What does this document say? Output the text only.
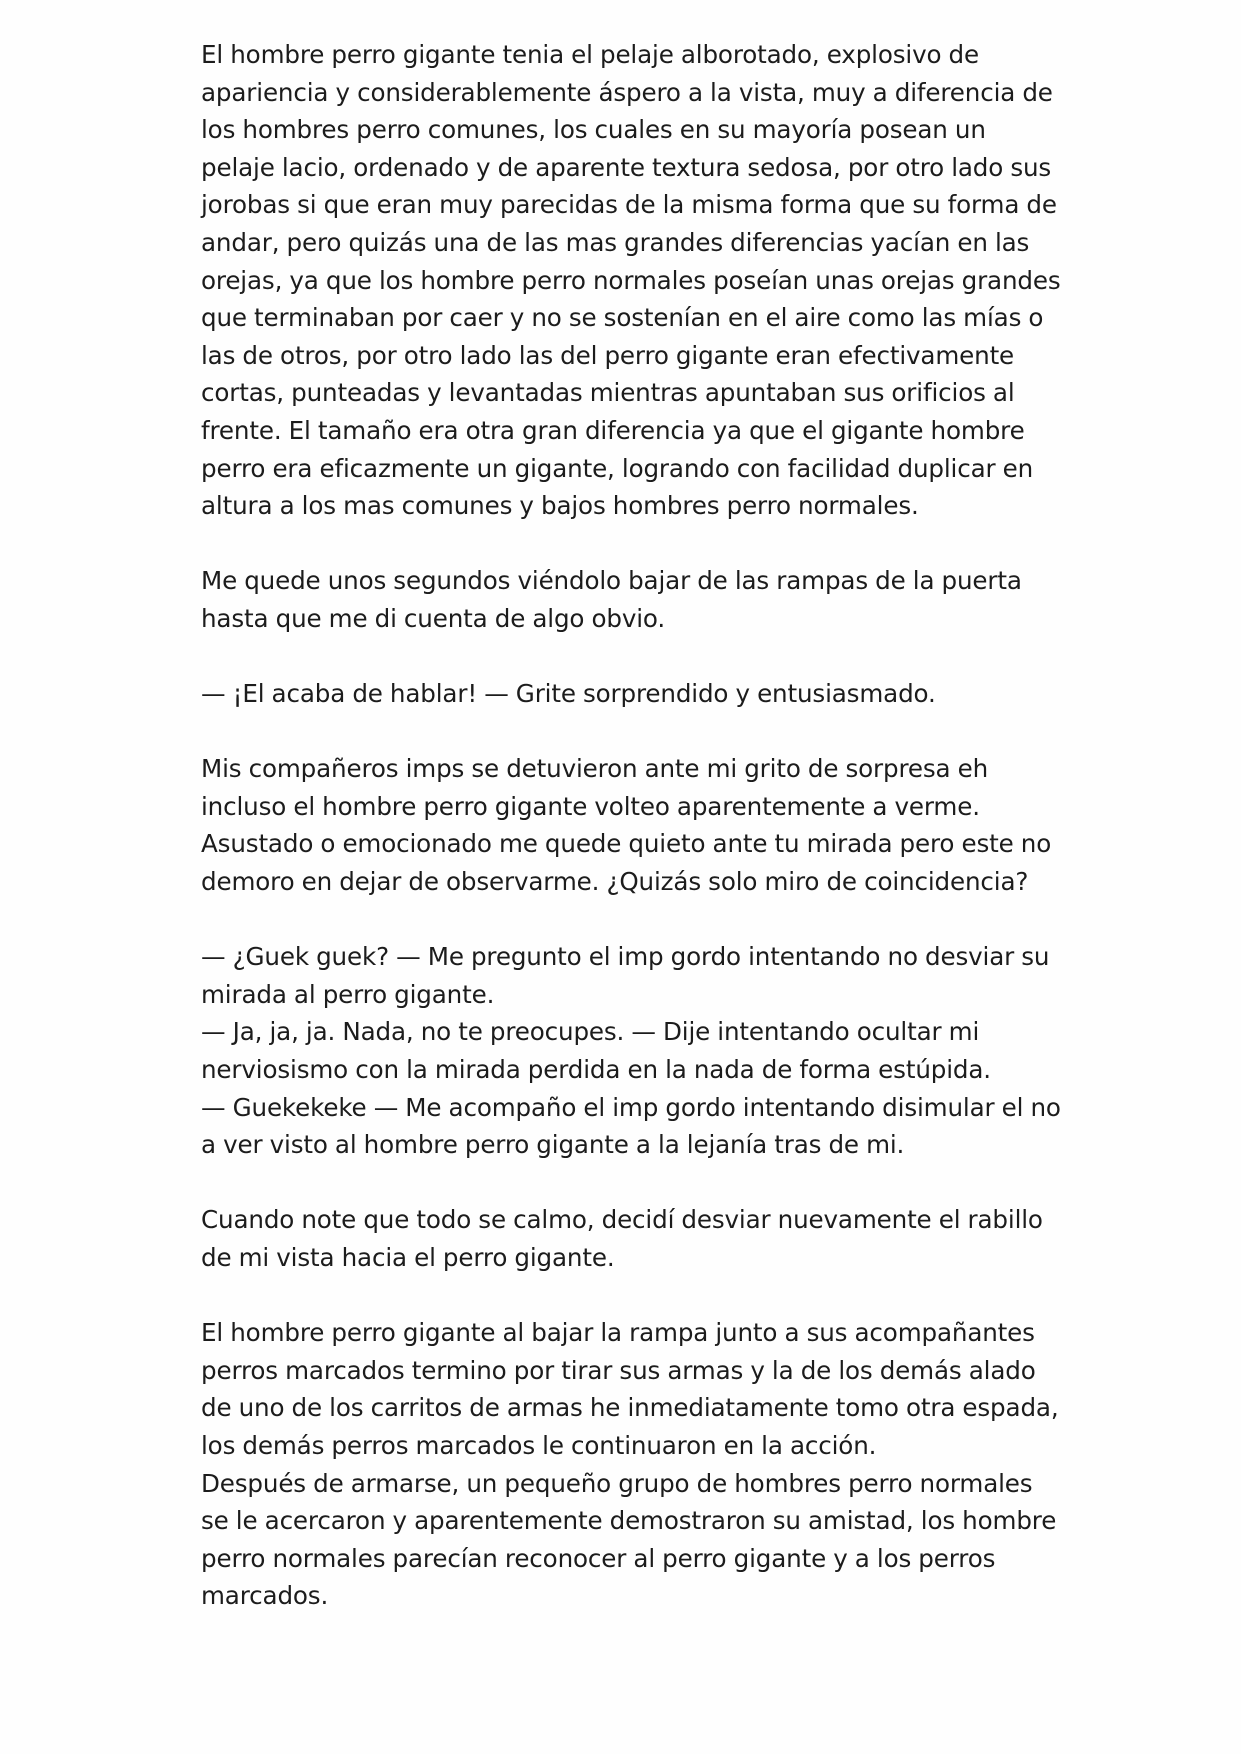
El hombre perro gigante tenia el pelaje alborotado, explosivo de
apariencia y considerablemente áspero a la vista, muy a diferencia de
los hombres perro comunes, los cuales en su mayoría posean un
pelaje lacio, ordenado y de aparente textura sedosa, por otro lado sus
jorobas si que eran muy parecidas de la misma forma que su forma de
andar, pero quizás una de las mas grandes diferencias yacían en las
orejas, ya que los hombre perro normales poseían unas orejas grandes
que terminaban por caer y no se sostenían en el aire como las mías o
las de otros, por otro lado las del perro gigante eran efectivamente
cortas, punteadas y levantadas mientras apuntaban sus orificios al
frente. El tamaño era otra gran diferencia ya que el gigante hombre
perro era eficazmente un gigante, logrando con facilidad duplicar en
altura a los mas comunes y bajos hombres perro normales.
Me quede unos segundos viéndolo bajar de las rampas de la puerta
hasta que me di cuenta de algo obvio.
— ¡El acaba de hablar! — Grite sorprendido y entusiasmado.
Mis compañeros imps se detuvieron ante mi grito de sorpresa eh
incluso el hombre perro gigante volteo aparentemente a verme.
Asustado o emocionado me quede quieto ante tu mirada pero este no
demoro en dejar de observarme. ¿Quizás solo miro de coincidencia?
— ¿Guek guek? — Me pregunto el imp gordo intentando no desviar su
mirada al perro gigante.
— Ja, ja, ja. Nada, no te preocupes. — Dije intentando ocultar mi
nerviosismo con la mirada perdida en la nada de forma estúpida.
— Guekekeke — Me acompaño el imp gordo intentando disimular el no
a ver visto al hombre perro gigante a la lejanía tras de mi.
Cuando note que todo se calmo, decidí desviar nuevamente el rabillo
de mi vista hacia el perro gigante.
El hombre perro gigante al bajar la rampa junto a sus acompañantes
perros marcados termino por tirar sus armas y la de los demás alado
de uno de los carritos de armas he inmediatamente tomo otra espada,
los demás perros marcados le continuaron en la acción.
Después de armarse, un pequeño grupo de hombres perro normales
se le acercaron y aparentemente demostraron su amistad, los hombre
perro normales parecían reconocer al perro gigante y a los perros
marcados.
